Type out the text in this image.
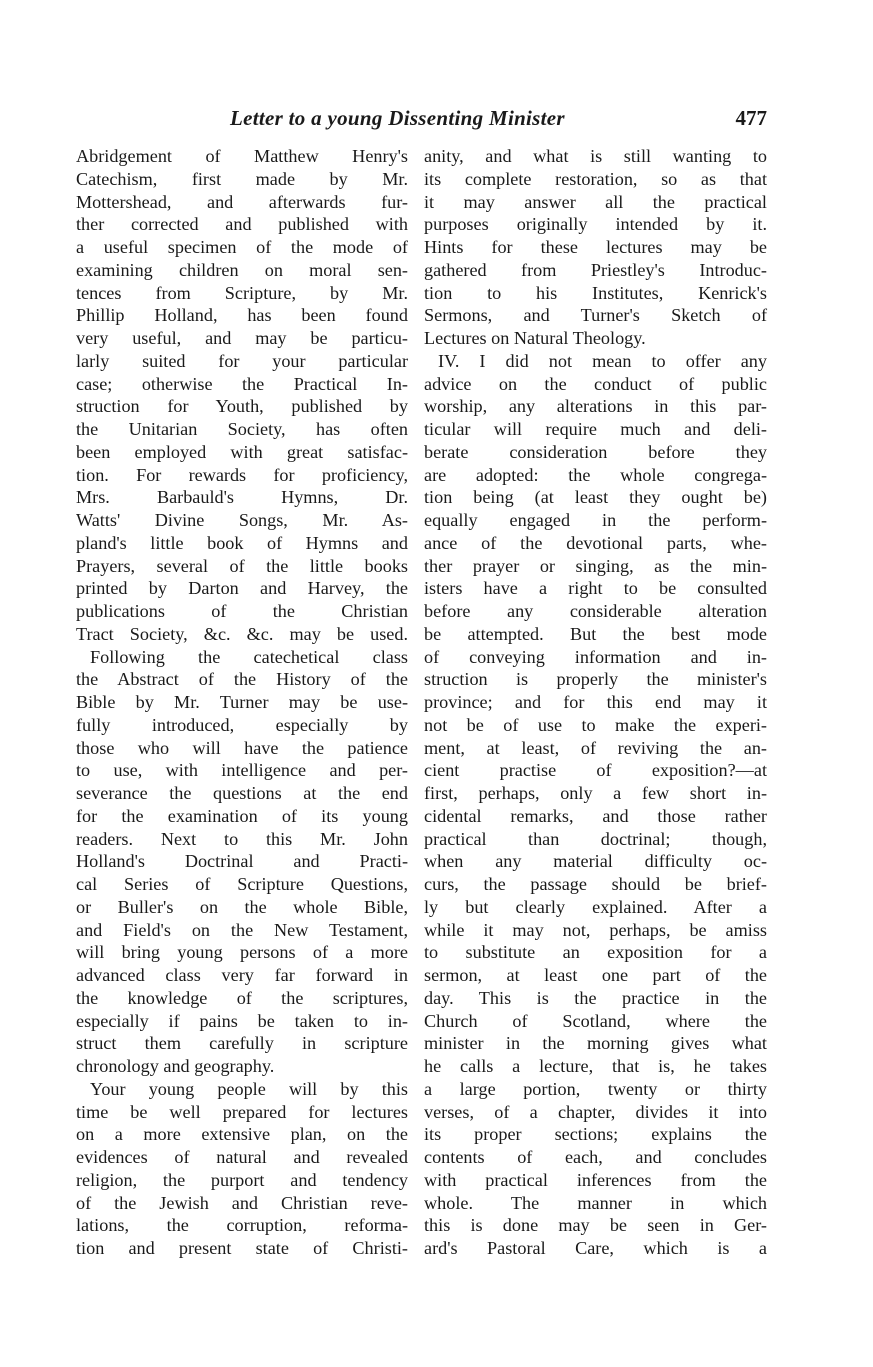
Letter to a young Dissenting Minister	477
Abridgement of Matthew Henry's
Catechism, first made by Mr.
Mottershead, and afterwards fur-
ther corrected and published with
a useful specimen of the mode of
examining children on moral sen-
tences from Scripture, by Mr.
Phillip Holland, has been found
very useful, and may be particu-
larly suited for your particular
case; otherwise the Practical In-
struction for Youth, published by
the Unitarian Society, has often
been employed with great satisfac-
tion. For rewards for proficiency,
Mrs. Barbauld's Hymns, Dr.
Watts' Divine Songs, Mr. As-
pland's little book of Hymns and
Prayers, several of the little books
printed by Darton and Harvey, the
publications of the Christian
Tract Society, &c. &c. may be used.
Following the catechetical class
the Abstract of the History of the
Bible by Mr. Turner may be use-
fully introduced, especially by
those who will have the patience
to use, with intelligence and per-
severance the questions at the end
for the examination of its young
readers. Next to this Mr. John
Holland's Doctrinal and Practi-
cal Series of Scripture Questions,
or Buller's on the whole Bible,
and Field's on the New Testament,
will bring young persons of a more
advanced class very far forward in
the knowledge of the scriptures,
especially if pains be taken to in-
struct them carefully in scripture
chronology and geography.
Your young people will by this
time be well prepared for lectures
on a more extensive plan, on the
evidences of natural and revealed
religion, the purport and tendency
of the Jewish and Christian reve-
lations, the corruption, reforma-
tion and present state of Christi-
anity, and what is still wanting to
its complete restoration, so as that
it may answer all the practical
purposes originally intended by it.
Hints for these lectures may be
gathered from Priestley's Introduc-
tion to his Institutes, Kenrick's
Sermons, and Turner's Sketch of
Lectures on Natural Theology.
IV. I did not mean to offer any
advice on the conduct of public
worship, any alterations in this par-
ticular will require much and deli-
berate consideration before they
are adopted: the whole congrega-
tion being (at least they ought be)
equally engaged in the perform-
ance of the devotional parts, whe-
ther prayer or singing, as the min-
isters have a right to be consulted
before any considerable alteration
be attempted. But the best mode
of conveying information and in-
struction is properly the minister's
province; and for this end may it
not be of use to make the experi-
ment, at least, of reviving the an-
cient practise of exposition?—at
first, perhaps, only a few short in-
cidental remarks, and those rather
practical than doctrinal; though,
when any material difficulty oc-
curs, the passage should be brief-
ly but clearly explained. After a
while it may not, perhaps, be amiss
to substitute an exposition for a
sermon, at least one part of the
day. This is the practice in the
Church of Scotland, where the
minister in the morning gives what
he calls a lecture, that is, he takes
a large portion, twenty or thirty
verses, of a chapter, divides it into
its proper sections; explains the
contents of each, and concludes
with practical inferences from the
whole. The manner in which
this is done may be seen in Ger-
ard's Pastoral Care, which is a
